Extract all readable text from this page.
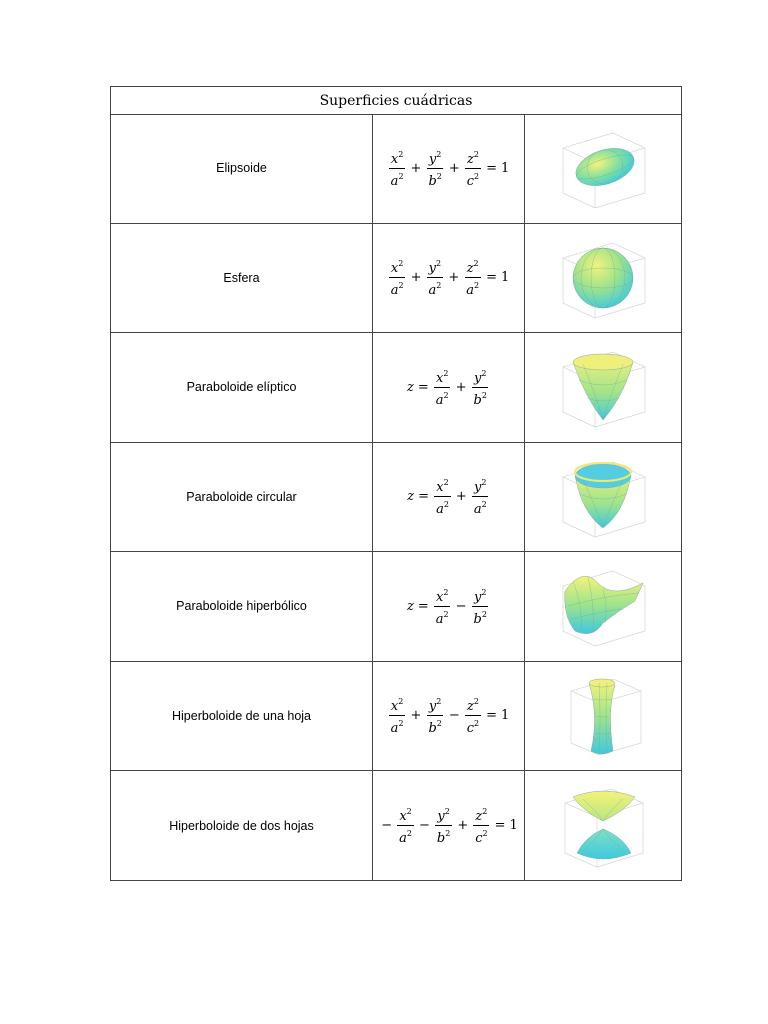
Superficies cuádricas
Elipsoide	$\frac{x^2}{a^2} + \frac{y^2}{b^2} + \frac{z^2}{c^2} = 1$
Esfera	$\frac{x^2}{a^2} + \frac{y^2}{a^2} + \frac{z^2}{a^2} = 1$
Paraboloide elíptico	$z = \frac{x^2}{a^2} + \frac{y^2}{b^2}$
Paraboloide circular	$z = \frac{x^2}{a^2} + \frac{y^2}{a^2}$
Paraboloide hiperbólico	$z = \frac{x^2}{a^2} - \frac{y^2}{b^2}$
Hiperboloide de una hoja	$\frac{x^2}{a^2} + \frac{y^2}{b^2} - \frac{z^2}{c^2} = 1$
Hiperboloide de dos hojas	− $\frac{x^2}{a^2} - \frac{y^2}{b^2} + \frac{z^2}{c^2} = 1$
